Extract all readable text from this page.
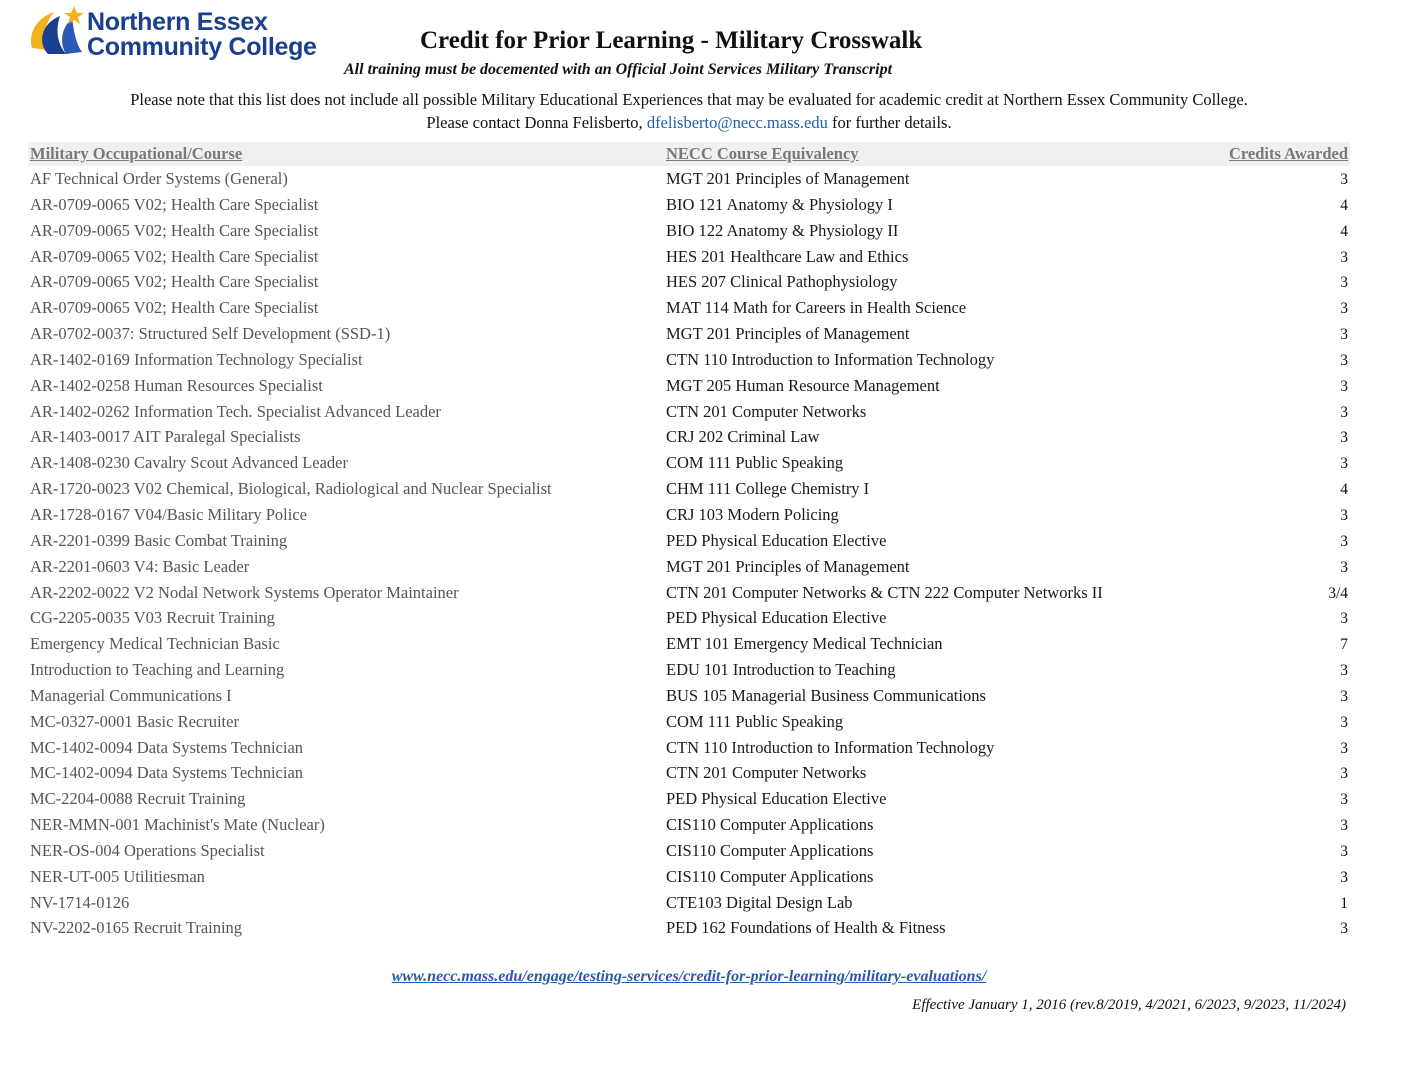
Northern Essex
Community College	Credit for Prior Learning - Military Crosswalk
All training must be docemented with an Official Joint Services Military Transcript
Please note that this list does not include all possible Military Educational Experiences that may be evaluated for academic credit at Northern Essex Community College.
Please contact Donna Felisberto, dfelisberto@necc.mass.edu for further details.
Military Occupational/Course	NECC Course Equivalency	Credits Awarded
AF Technical Order Systems (General)	MGT 201 Principles of Management	3
AR-0709-0065 V02; Health Care Specialist	BIO 121 Anatomy & Physiology I	4
AR-0709-0065 V02; Health Care Specialist	BIO 122 Anatomy & Physiology II	4
AR-0709-0065 V02; Health Care Specialist	HES 201 Healthcare Law and Ethics	3
AR-0709-0065 V02; Health Care Specialist	HES 207 Clinical Pathophysiology	3
AR-0709-0065 V02; Health Care Specialist	MAT 114 Math for Careers in Health Science	3
AR-0702-0037: Structured Self Development (SSD-1)	MGT 201 Principles of Management	3
AR-1402-0169 Information Technology Specialist	CTN 110 Introduction to Information Technology	3
AR-1402-0258 Human Resources Specialist	MGT 205 Human Resource Management	3
AR-1402-0262 Information Tech. Specialist Advanced Leader	CTN 201 Computer Networks	3
AR-1403-0017 AIT Paralegal Specialists	CRJ 202 Criminal Law	3
AR-1408-0230 Cavalry Scout Advanced Leader	COM 111 Public Speaking	3
AR-1720-0023 V02 Chemical, Biological, Radiological and Nuclear Specialist	CHM 111 College Chemistry I	4
AR-1728-0167 V04/Basic Military Police	CRJ 103 Modern Policing	3
AR-2201-0399 Basic Combat Training	PED Physical Education Elective	3
AR-2201-0603 V4: Basic Leader	MGT 201 Principles of Management	3
AR-2202-0022 V2 Nodal Network Systems Operator Maintainer	CTN 201 Computer Networks & CTN 222 Computer Networks II	3/4
CG-2205-0035 V03 Recruit Training	PED Physical Education Elective	3
Emergency Medical Technician Basic	EMT 101 Emergency Medical Technician	7
Introduction to Teaching and Learning	EDU 101 Introduction to Teaching	3
Managerial Communications I	BUS 105 Managerial Business Communications	3
MC-0327-0001 Basic Recruiter	COM 111 Public Speaking	3
MC-1402-0094 Data Systems Technician	CTN 110 Introduction to Information Technology	3
MC-1402-0094 Data Systems Technician	CTN 201 Computer Networks	3
MC-2204-0088 Recruit Training	PED Physical Education Elective	3
NER-MMN-001 Machinist's Mate (Nuclear)	CIS110 Computer Applications	3
NER-OS-004 Operations Specialist	CIS110 Computer Applications	3
NER-UT-005 Utilitiesman	CIS110 Computer Applications	3
NV-1714-0126	CTE103 Digital Design Lab	1
NV-2202-0165 Recruit Training	PED 162 Foundations of Health & Fitness	3
www.necc.mass.edu/engage/testing-services/credit-for-prior-learning/military-evaluations/
Effective January 1, 2016 (rev.8/2019, 4/2021, 6/2023, 9/2023, 11/2024)
